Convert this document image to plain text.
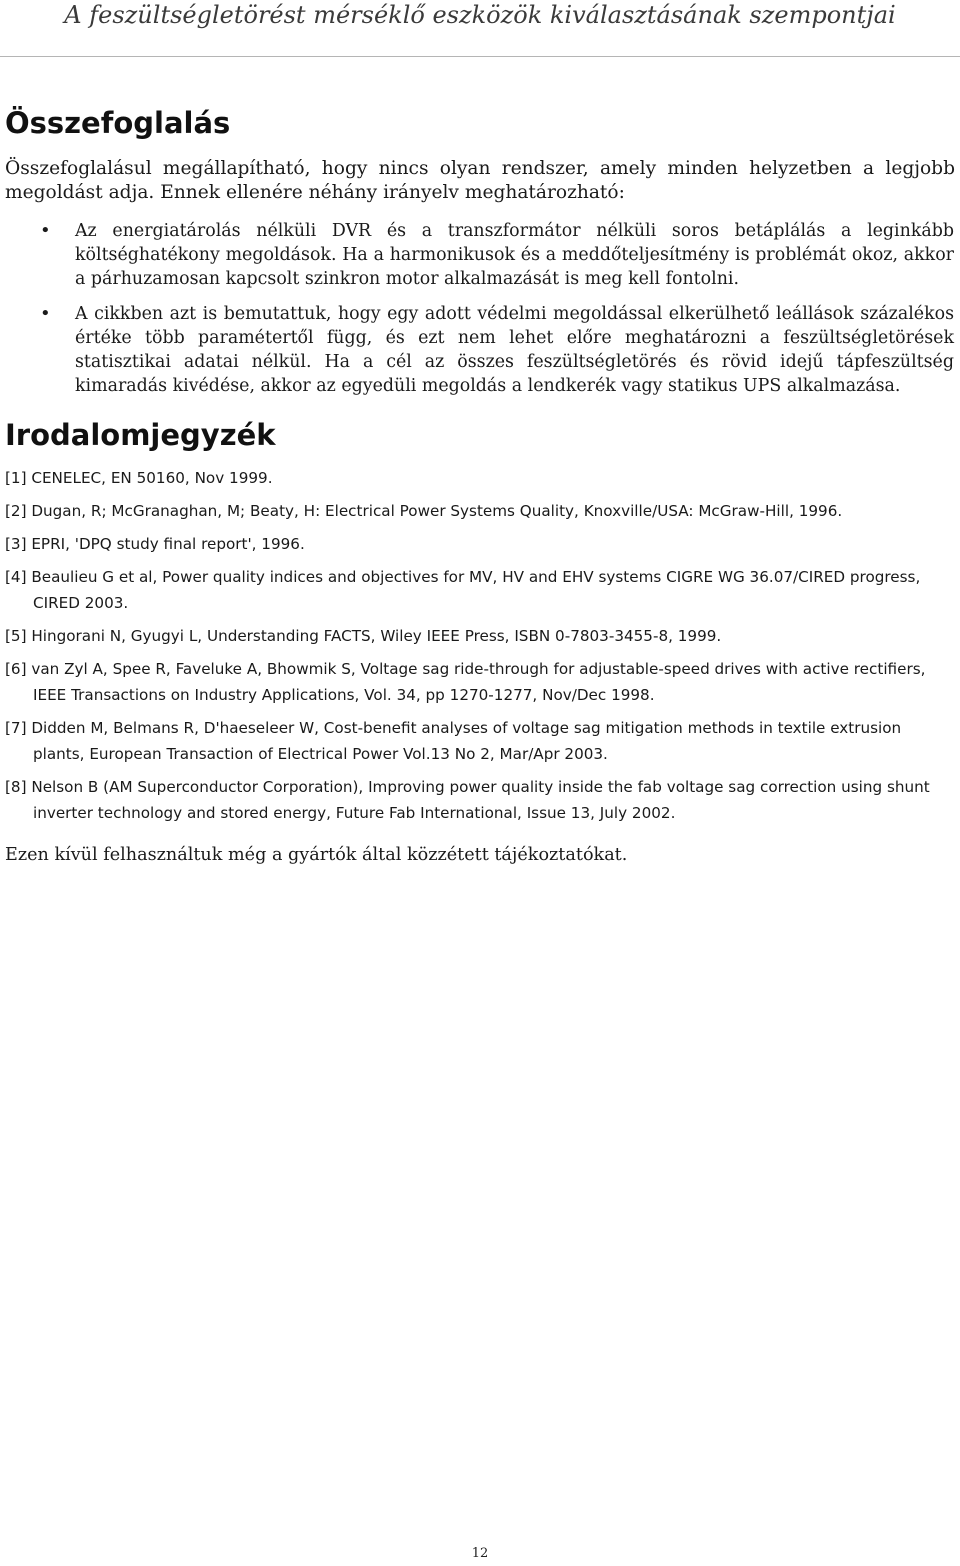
A feszültségletörést mérséklő eszközök kiválasztásának szempontjai
Összefoglalás

Összefoglalásul megállapítható, hogy nincs olyan rendszer, amely minden helyzetben a legjobb megoldást adja. Ennek ellenére néhány irányelv meghatározható:

• Az energiatárolás nélküli DVR és a transzformátor nélküli soros betáplálás a leginkább költséghatékony megoldások. Ha a harmonikusok és a meddőteljesítmény is problémát okoz, akkor a párhuzamosan kapcsolt szinkron motor alkalmazását is meg kell fontolni.
• A cikkben azt is bemutattuk, hogy egy adott védelmi megoldással elkerülhető leállások százalékos értéke több paramétertől függ, és ezt nem lehet előre meghatározni a feszültségletörések statisztikai adatai nélkül. Ha a cél az összes feszültségletörés és rövid idejű tápfeszültség kimaradás kivédése, akkor az egyedüli megoldás a lendkerék vagy statikus UPS alkalmazása.
Irodalomjegyzék
[1] CENELEC, EN 50160, Nov 1999.
[2] Dugan, R; McGranaghan, M; Beaty, H: Electrical Power Systems Quality, Knoxville/USA: McGraw-Hill, 1996.
[3] EPRI, 'DPQ study final report', 1996.
[4] Beaulieu G et al, Power quality indices and objectives for MV, HV and EHV systems CIGRE WG 36.07/CIRED progress, CIRED 2003.
[5] Hingorani N, Gyugyi L, Understanding FACTS, Wiley IEEE Press, ISBN 0-7803-3455-8, 1999.
[6] van Zyl A, Spee R, Faveluke A, Bhowmik S, Voltage sag ride-through for adjustable-speed drives with active rectifiers, IEEE Transactions on Industry Applications, Vol. 34, pp 1270-1277, Nov/Dec 1998.
[7] Didden M, Belmans R, D'haeseleer W, Cost-benefit analyses of voltage sag mitigation methods in textile extrusion plants, European Transaction of Electrical Power Vol.13 No 2, Mar/Apr 2003.
[8] Nelson B (AM Superconductor Corporation), Improving power quality inside the fab voltage sag correction using shunt inverter technology and stored energy, Future Fab International, Issue 13, July 2002.

Ezen kívül felhasználtuk még a gyártók által közzétett tájékoztatókat.

12
